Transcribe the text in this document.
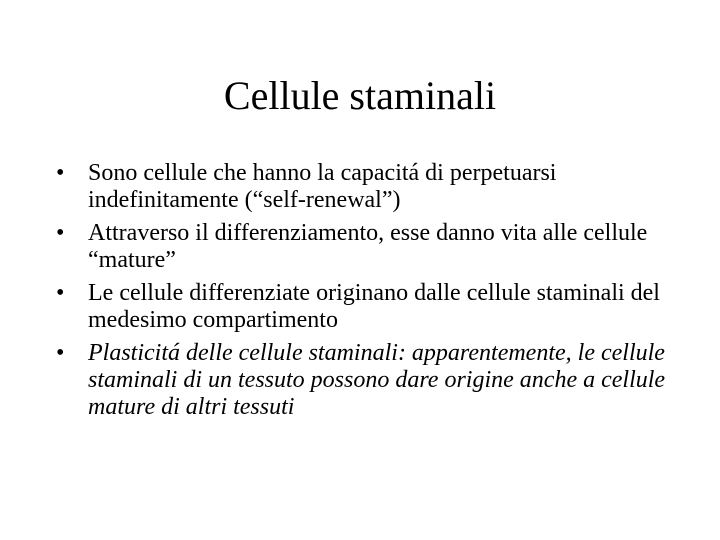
Cellule staminali
• Sono cellule che hanno la capacitá di perpetuarsi indefinitamente (“self-renewal”)
• Attraverso il differenziamento, esse danno vita alle cellule “mature”
• Le cellule differenziate originano dalle cellule staminali del medesimo compartimento
• Plasticitá delle cellule staminali: apparentemente, le cellule staminali di un tessuto possono dare origine anche a cellule mature di altri tessuti
